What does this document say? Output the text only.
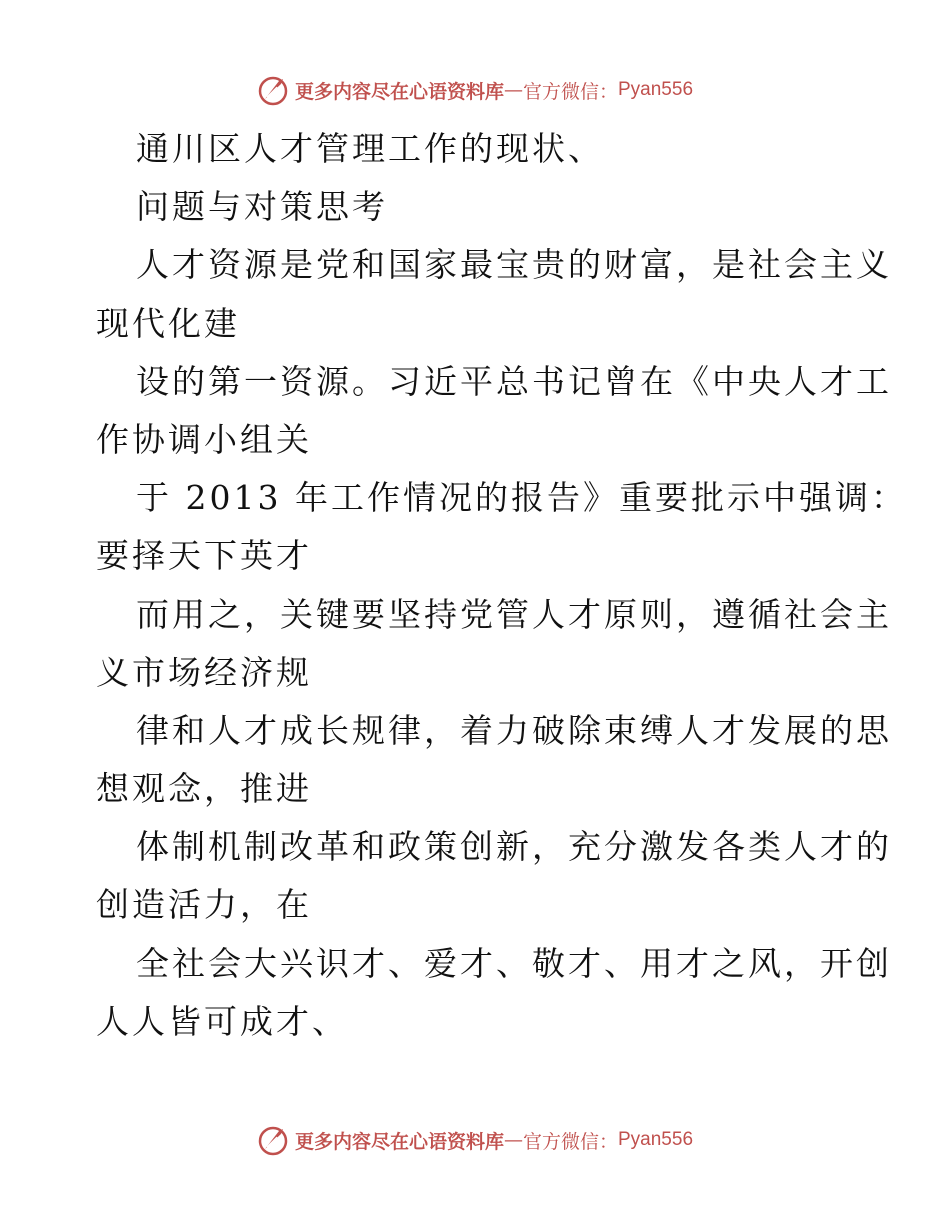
更多内容尽在心语资料库 — 官方微信： Pyan556
通川区人才管理工作的现状、
问题与对策思考
人才资源是党和国家最宝贵的财富，是社会主义
现代化建
设的第一资源。习近平总书记曾在《中央人才工
作协调小组关
于 2013 年工作情况的报告》重要批示中强调：
要择天下英才
而用之，关键要坚持党管人才原则，遵循社会主
义市场经济规
律和人才成长规律，着力破除束缚人才发展的思
想观念，推进
体制机制改革和政策创新，充分激发各类人才的
创造活力，在
全社会大兴识才、爱才、敬才、用才之风，开创
人人皆可成才、
更多内容尽在心语资料库 — 官方微信： Pyan556
